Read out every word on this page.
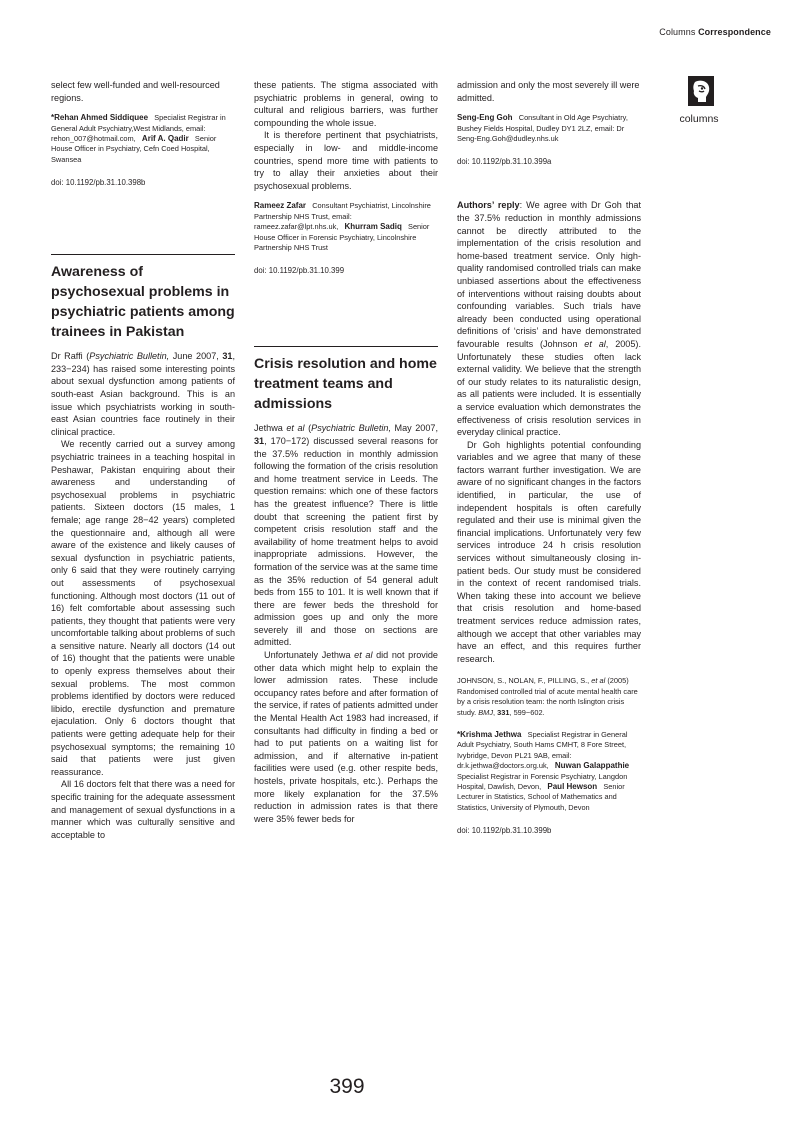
Columns Correspondence
columns

select few well-funded and well-resourced regions.

*Rehan Ahmed Siddiquee Specialist Registrar in General Adult Psychiatry,West Midlands, email: rehon_007@hotmail.com, Arif A. Qadir Senior House Officer in Psychiatry, Cefn Coed Hospital, Swansea
doi: 10.1192/pb.31.10.398b
Awareness of psychosexual problems in psychiatric patients among trainees in Pakistan

Dr Raffi (Psychiatric Bulletin, June 2007, 31, 233−234) has raised some interesting points about sexual dysfunction among patients of south-east Asian background. This is an issue which psychiatrists working in south-east Asian countries face routinely in their clinical practice.

We recently carried out a survey among psychiatric trainees in a teaching hospital in Peshawar, Pakistan enquiring about their awareness and understanding of psychosexual problems in psychiatric patients. Sixteen doctors (15 males, 1 female; age range 28−42 years) completed the questionnaire and, although all were aware of the existence and likely causes of sexual dysfunction in psychiatric patients, only 6 said that they were routinely carrying out assessments of psychosexual functioning. Although most doctors (11 out of 16) felt comfortable about assessing such patients, they thought that patients were very uncomfortable talking about problems of such a sensitive nature. Nearly all doctors (14 out of 16) thought that the patients were unable to openly express themselves about their sexual problems. The most common problems identified by doctors were reduced libido, erectile dysfunction and premature ejaculation. Only 6 doctors thought that patients were getting adequate help for their psychosexual symptoms; the remaining 10 said that patients were just given reassurance.

All 16 doctors felt that there was a need for specific training for the adequate assessment and management of sexual dysfunctions in a manner which was culturally sensitive and acceptable to

these patients. The stigma associated with psychiatric problems in general, owing to cultural and religious barriers, was further compounding the whole issue.

It is therefore pertinent that psychiatrists, especially in low- and middle-income countries, spend more time with patients to try to allay their anxieties about their psychosexual problems.

Rameez Zafar Consultant Psychiatrist, Lincolnshire Partnership NHS Trust, email: rameez.zafar@lpt.nhs.uk, Khurram Sadiq Senior House Officer in Forensic Psychiatry, Lincolnshire Partnership NHS Trust
doi: 10.1192/pb.31.10.399
Crisis resolution and home treatment teams and admissions

Jethwa et al (Psychiatric Bulletin, May 2007, 31, 170−172) discussed several reasons for the 37.5% reduction in monthly admission following the formation of the crisis resolution and home treatment service in Leeds. The question remains: which one of these factors has the greatest influence? There is little doubt that screening the patient first by competent crisis resolution staff and the availability of home treatment helps to avoid inappropriate admissions. However, the formation of the service was at the same time as the 35% reduction of 54 general adult beds from 155 to 101. It is well known that if there are fewer beds the threshold for admission goes up and only the more severely ill and those on sections are admitted.

Unfortunately Jethwa et al did not provide other data which might help to explain the lower admission rates. These include occupancy rates before and after formation of the service, if rates of patients admitted under the Mental Health Act 1983 had increased, if consultants had difficulty in finding a bed or had to put patients on a waiting list for admission, and if alternative in-patient facilities were used (e.g. other respite beds, hostels, private hospitals, etc.). Perhaps the more likely explanation for the 37.5% reduction in admission rates is that there were 35% fewer beds for

admission and only the most severely ill were admitted.

Seng-Eng Goh Consultant in Old Age Psychiatry, Bushey Fields Hospital, Dudley DY1 2LZ, email: Dr Seng-Eng.Goh@dudley.nhs.uk
doi: 10.1192/pb.31.10.399a

Authors’ reply: We agree with Dr Goh that the 37.5% reduction in monthly admissions cannot be directly attributed to the implementation of the crisis resolution and home-based treatment service. Only high-quality randomised controlled trials can make unbiased assertions about the effectiveness of interventions without raising doubts about confounding variables. Such trials have already been conducted using operational definitions of ‘crisis’ and have demonstrated favourable results (Johnson et al, 2005). Unfortunately these studies often lack external validity. We believe that the strength of our study relates to its naturalistic design, as all patients were included. It is essentially a service evaluation which demonstrates the effectiveness of crisis resolution services in everyday clinical practice.

Dr Goh highlights potential confounding variables and we agree that many of these factors warrant further investigation. We are aware of no significant changes in the factors identified, in particular, the use of independent hospitals is often carefully regulated and their use is minimal given the financial implications. Unfortunately very few services introduce 24 h crisis resolution services without simultaneously closing in-patient beds. Our study must be considered in the context of recent randomised trials. When taking these into account we believe that crisis resolution and home-based treatment services reduce admission rates, although we accept that other variables may have an effect, and this requires further research.

JOHNSON, S., NOLAN, F., PILLING, S., et al (2005) Randomised controlled trial of acute mental health care by a crisis resolution team: the north Islington crisis study. BMJ, 331, 599−602.
*Krishma Jethwa Specialist Registrar in General Adult Psychiatry, South Hams CMHT, 8 Fore Street, Ivybridge, Devon PL21 9AB, email: dr.k.jethwa@doctors.org.uk, Nuwan Galappathie   Specialist Registrar in Forensic Psychiatry, Langdon Hospital, Dawlish, Devon, Paul Hewson Senior Lecturer in Statistics, School of Mathematics and Statistics, University of Plymouth, Devon
doi: 10.1192/pb.31.10.399b
399
